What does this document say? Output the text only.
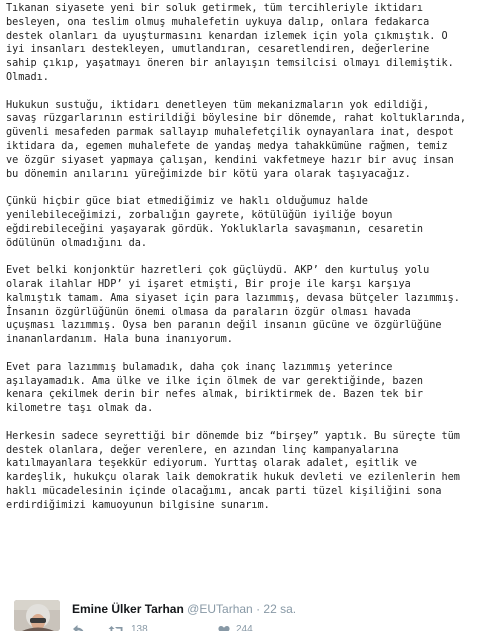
Tıkanan siyasete yeni bir soluk getirmek, tüm tercihleriyle iktidarı
besleyen, ona teslim olmuş muhalefetin uykuya dalıp, onlara fedakarca
destek olanları da uyuşturmasını kenardan izlemek için yola çıkmıştık. O
iyi insanları destekleyen, umutlandıran, cesaretlendiren, değerlerine
sahip çıkıp, yaşatmayı öneren bir anlayışın temsilcisi olmayı dilemiştik.
Olmadı.

Hukukun sustuğu, iktidarı denetleyen tüm mekanizmaların yok edildiği,
savaş rüzgarlarının estirildiği böylesine bir dönemde, rahat koltuklarında,
güvenli mesafeden parmak sallayıp muhalefetçilik oynayanlara inat, despot
iktidara da, egemen muhalefete de yandaş medya tahakkümüne rağmen, temiz
ve özgür siyaset yapmaya çalışan, kendini vakfetmeye hazır bir avuç insan
bu dönemin anılarını yüreğimizde bir kötü yara olarak taşıyacağız.

Çünkü hiçbir güce biat etmediğimiz ve haklı olduğumuz halde
yenilebileceğimizi, zorbalığın gayrete, kötülüğün iyiliğe boyun
eğdirebileceğini yaşayarak gördük. Yokluklarla savaşmanın, cesaretin
ödülünün olmadığını da.

Evet belki konjonktür hazretleri çok güçlüydü. AKP’ den kurtuluş yolu
olarak ilahlar HDP’ yi işaret etmişti, Bir proje ile karşı karşıya
kalmıştık tamam. Ama siyaset için para lazımmış, devasa bütçeler lazımmış.
İnsanın özgürlüğünün önemi olmasa da paraların özgür olması havada
uçuşması lazımmış. Oysa ben paranın değil insanın gücüne ve özgürlüğüne
inananlardanım. Hala buna inanıyorum.

Evet para lazımmış bulamadık, daha çok inanç lazımmış yeterince
aşılayamadık. Ama ülke ve ilke için ölmek de var gerektiğinde, bazen
kenara çekilmek derin bir nefes almak, biriktirmek de. Bazen tek bir
kilometre taşı olmak da.

Herkesin sadece seyrettiği bir dönemde biz “birşey” yaptık. Bu süreçte tüm
destek olanlara, değer verenlere, en azından linç kampanyalarına
katılmayanlara teşekkür ediyorum. Yurttaş olarak adalet, eşitlik ve
kardeşlik, hukukçu olarak laik demokratik hukuk devleti ve ezilenlerin hem
haklı mücadelesinin içinde olacağımı, ancak parti tüzel kişiliğini sona
erdirdiğimizi kamuoyunun bilgisine sunarım.

Emine Ülker Tarhan @EUTarhan · 22 sa.
138	244
